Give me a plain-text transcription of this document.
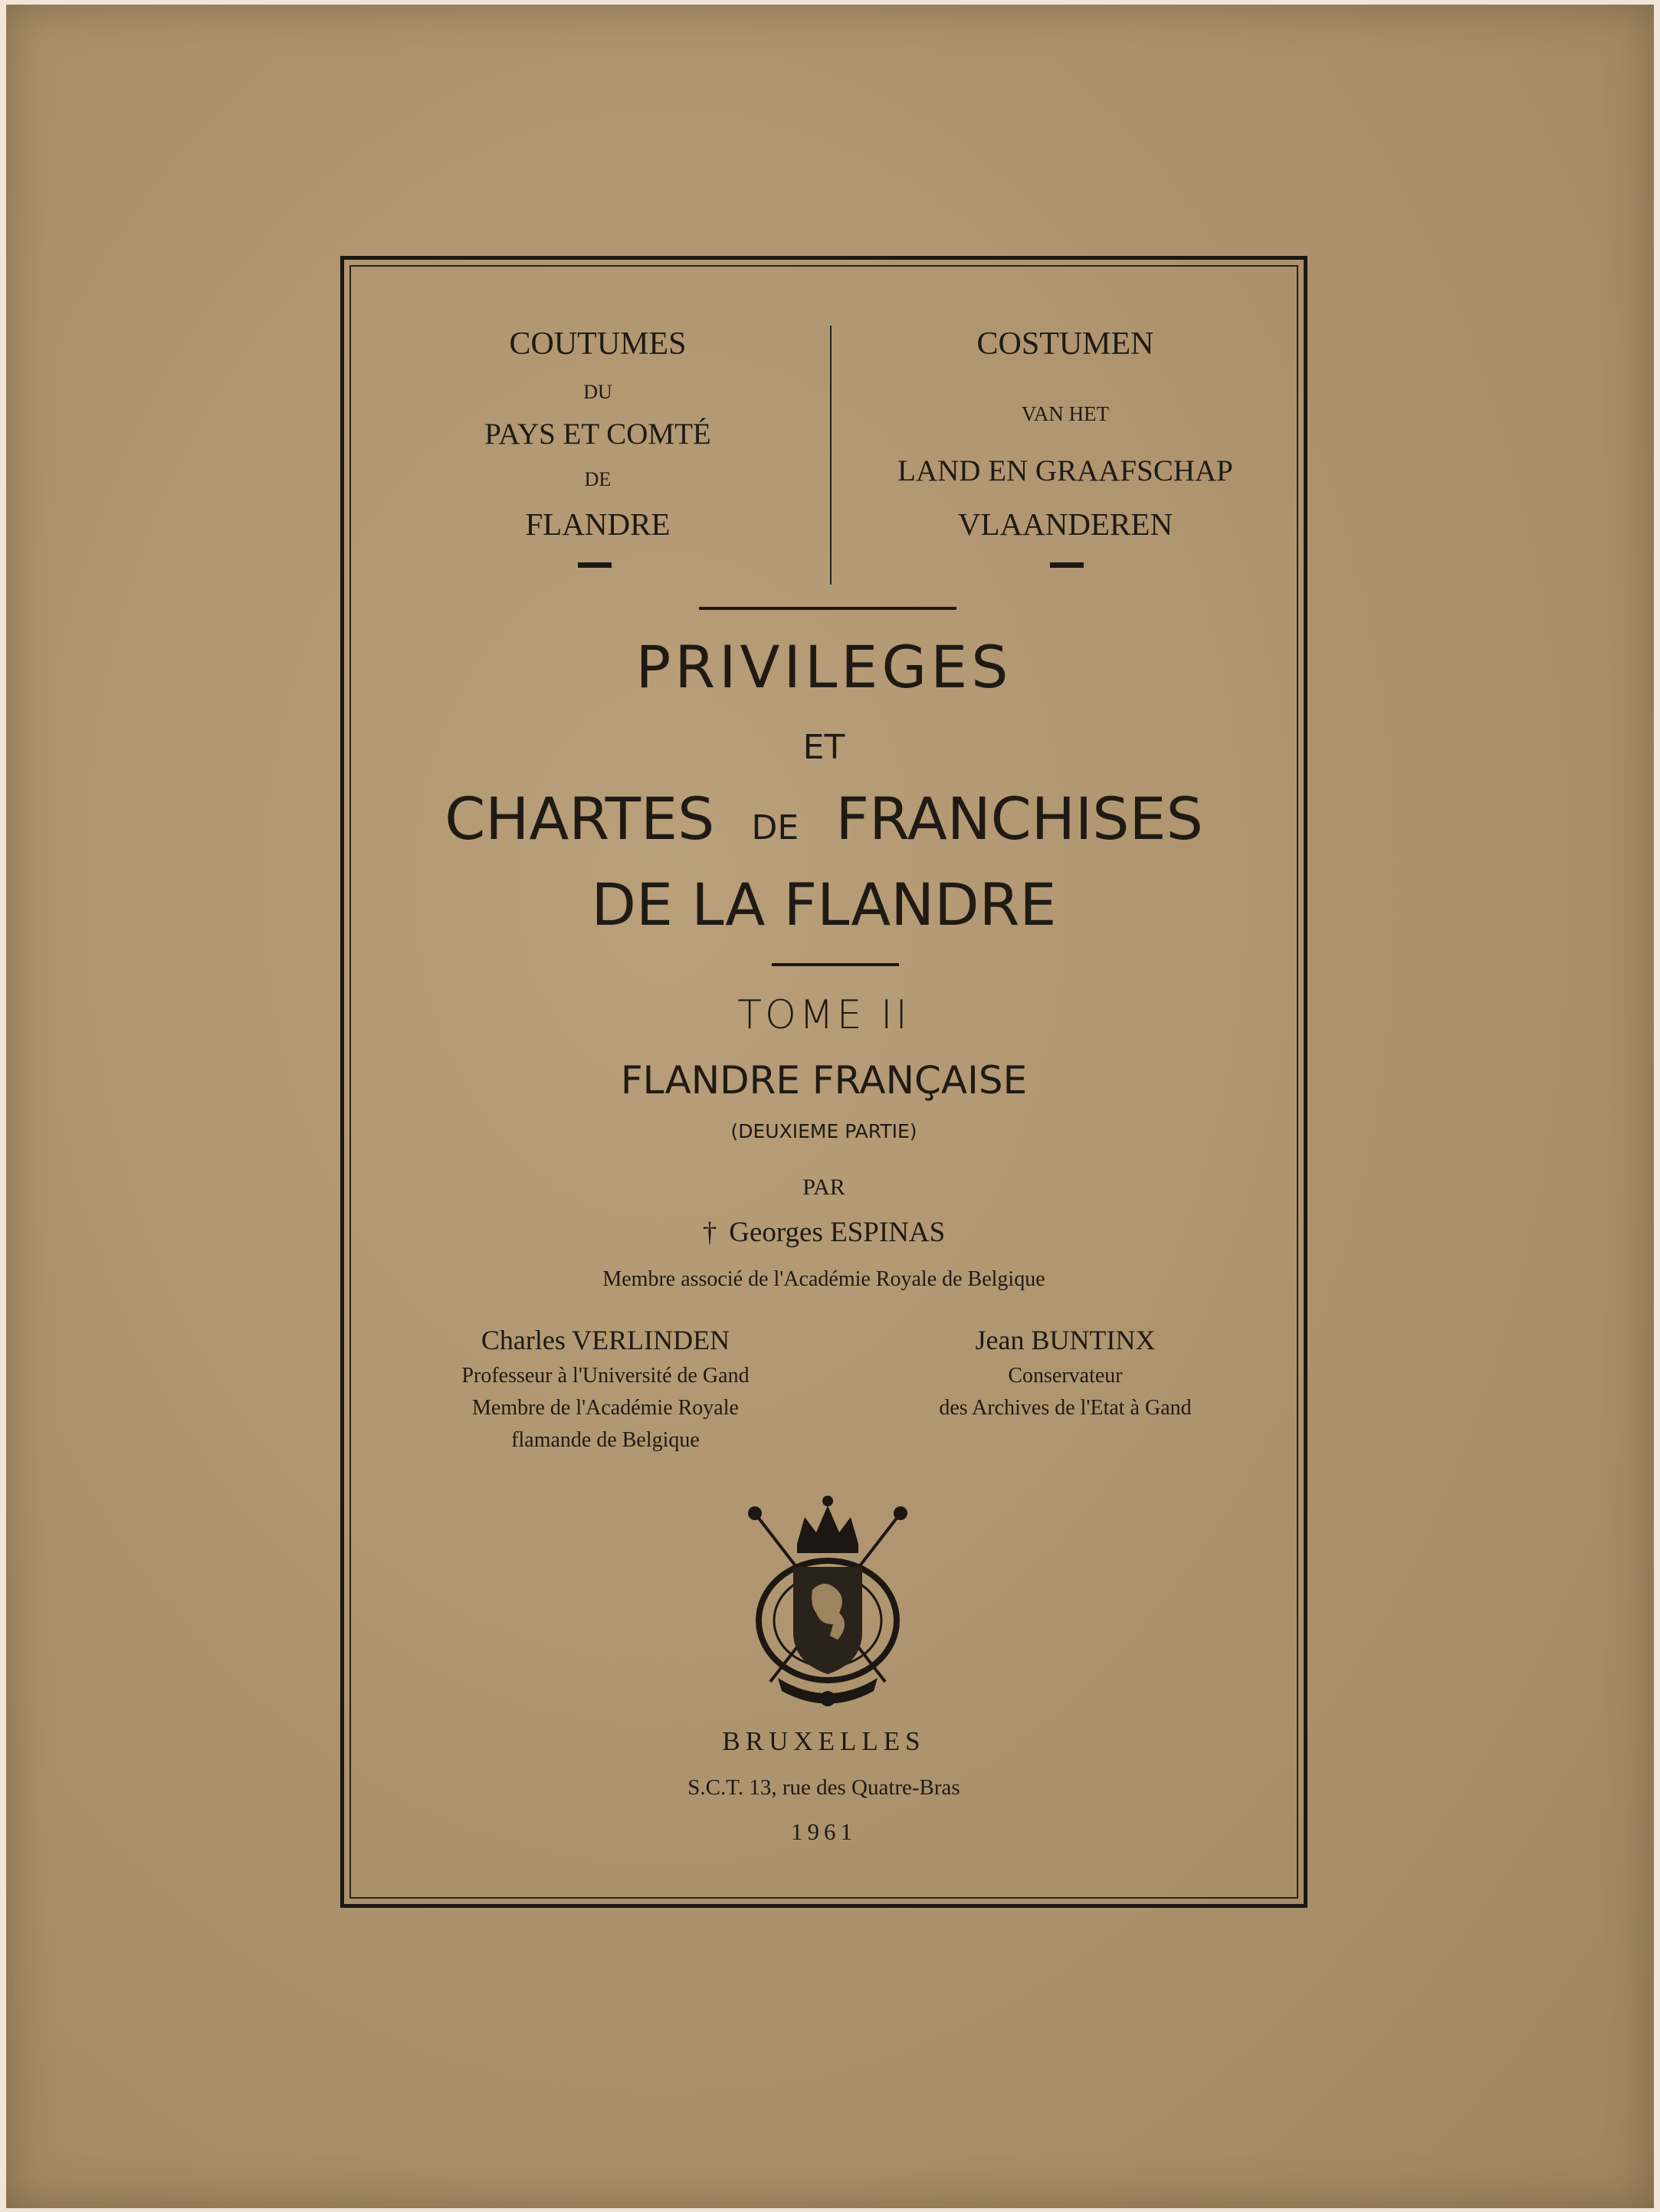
COUTUMES
DU
PAYS ET COMTÉ
DE
FLANDRE
COSTUMEN
VAN HET
LAND EN GRAAFSCHAP
VLAANDEREN
PRIVILEGES
ET
CHARTES DE FRANCHISES
DE LA FLANDRE
TOME II
FLANDRE FRANÇAISE
(DEUXIEME PARTIE)
PAR
† Georges ESPINAS
Membre associé de l'Académie Royale de Belgique
Charles VERLINDEN
Professeur à l'Université de Gand
Membre de l'Académie Royale
flamande de Belgique
Jean BUNTINX
Conservateur
des Archives de l'Etat à Gand
BRUXELLES
S.C.T. 13, rue des Quatre-Bras
1961
